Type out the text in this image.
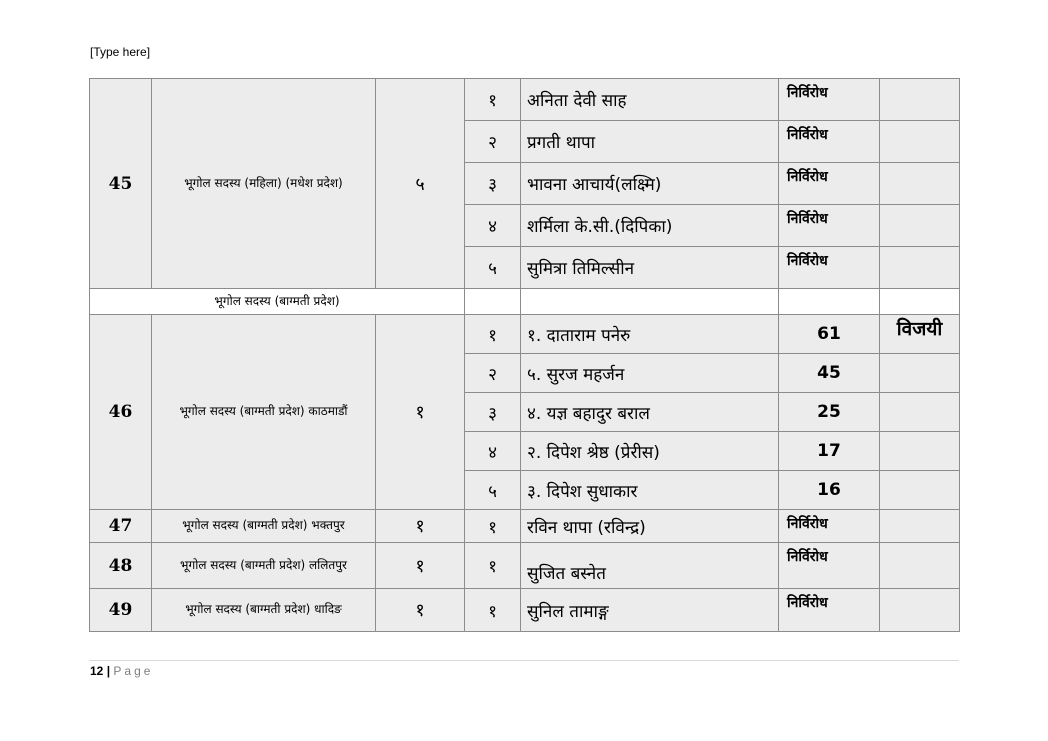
[Type here]
45	भूगोल सदस्य (महिला) (मधेश प्रदेश)	५	१	अनिता देवी साह	निर्विरोध	
			२	प्रगती थापा	निर्विरोध	
			३	भावना आचार्य(लक्ष्मि)	निर्विरोध	
			४	शर्मिला के.सी.(दिपिका)	निर्विरोध	
			५	सुमित्रा तिमिल्सीन	निर्विरोध	
भूगोल सदस्य (बाग्मती प्रदेश)						
46	भूगोल सदस्य (बाग्मती प्रदेश) काठमाडौं	१	१	१. दाताराम पनेरु	61	विजयी
			२	५. सुरज महर्जन	45	
			३	४. यज्ञ बहादुर बराल	25	
			४	२. दिपेश श्रेष्ठ (प्रेरीस)	17	
			५	३. दिपेश सुधाकार	16	
47	भूगोल सदस्य (बाग्मती प्रदेश) भक्तपुर	१	१	रविन थापा (रविन्द्र)	निर्विरोध	
48	भूगोल सदस्य (बाग्मती प्रदेश) ललितपुर	१	१	सुजित बस्नेत	निर्विरोध	
49	भूगोल सदस्य (बाग्मती प्रदेश) धादिङ	१	१	सुनिल तामाङ्ग	निर्विरोध	
12 | Page
